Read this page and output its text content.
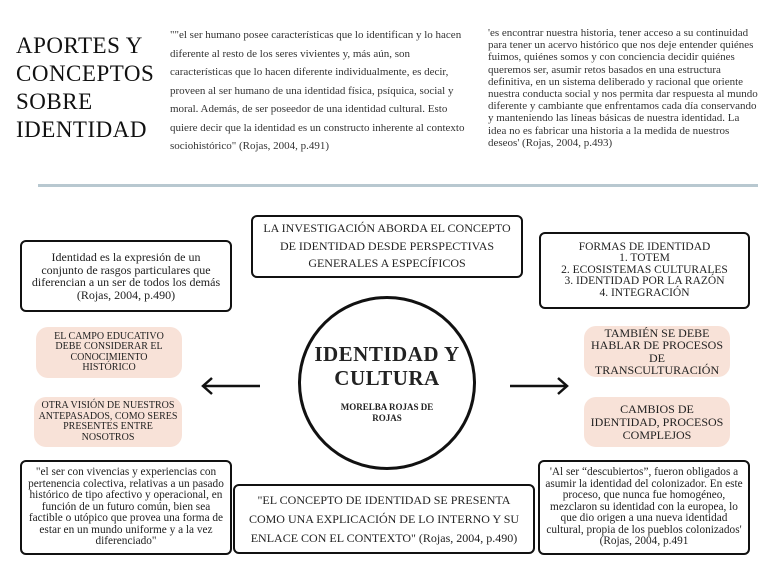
APORTES Y CONCEPTOS SOBRE IDENTIDAD
""el ser humano posee características que lo identifican y lo hacen diferente al resto de los seres vivientes y, más aún, son características que lo hacen diferente individualmente, es decir, proveen al ser humano de una identidad física, psíquica, social y moral. Además, de ser poseedor de una identidad cultural. Esto quiere decir que la identidad es un constructo inherente al contexto sociohistórico" (Rojas, 2004, p.491)
'es encontrar nuestra historia, tener acceso a su continuidad para tener un acervo histórico que nos deje entender quiénes fuimos, quiénes somos y con conciencia decidir quiénes queremos ser, asumir retos basados en una estructura definitiva, en un sistema deliberado y racional que oriente nuestra conducta social y nos permita dar respuesta al mundo diferente y cambiante que enfrentamos cada día conservando y manteniendo las líneas básicas de nuestra identidad. La idea no es fabricar una historia a la medida de nuestros deseos' (Rojas, 2004, p.493)
LA INVESTIGACIÓN ABORDA EL CONCEPTO DE IDENTIDAD DESDE PERSPECTIVAS GENERALES A ESPECÍFICOS
Identidad es la expresión de un conjunto de rasgos particulares que diferencian a un ser de todos los demás (Rojas, 2004, p.490)
FORMAS DE IDENTIDAD
1. TOTEM
2. ECOSISTEMAS CULTURALES
3. IDENTIDAD POR LA RAZÓN
4. INTEGRACIÓN
EL CAMPO EDUCATIVO DEBE CONSIDERAR EL CONOCIMIENTO HISTÓRICO
OTRA VISIÓN DE NUESTROS ANTEPASADOS, COMO SERES PRESENTES ENTRE NOSOTROS
TAMBIÉN SE DEBE HABLAR DE PROCESOS DE TRANSCULTURACIÓN
CAMBIOS DE IDENTIDAD, PROCESOS COMPLEJOS
IDENTIDAD Y CULTURA
MORELBA ROJAS DE ROJAS
"el ser con vivencias y experiencias con pertenencia colectiva, relativas a un pasado histórico de tipo afectivo y operacional, en función de un futuro común, bien sea factible o utópico que provea una forma de estar en un mundo uniforme y a la vez diferenciado"
"EL CONCEPTO DE IDENTIDAD SE PRESENTA COMO UNA EXPLICACIÓN DE LO INTERNO Y SU ENLACE CON EL CONTEXTO" (Rojas, 2004, p.490)
'Al ser “descubiertos”, fueron obligados a asumir la identidad del colonizador. En este proceso, que nunca fue homogéneo, mezclaron su identidad con la europea, lo que dio origen a una nueva identidad cultural, propia de los pueblos colonizados' (Rojas, 2004, p.491
